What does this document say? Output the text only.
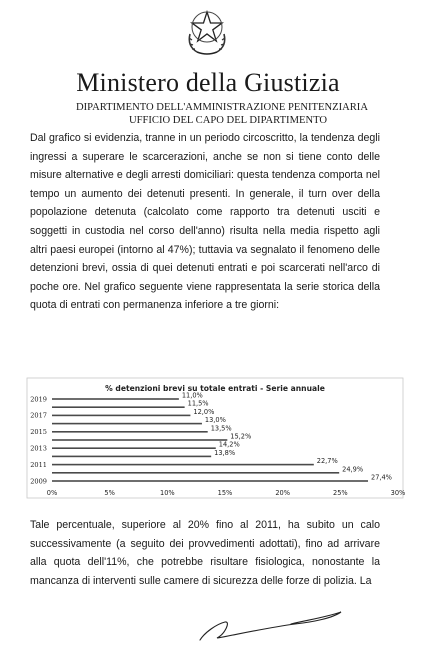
Ministero della Giustizia
DIPARTIMENTO DELL'AMMINISTRAZIONE PENITENZIARIA
UFFICIO DEL CAPO DEL DIPARTIMENTO

Dal grafico si evidenzia, tranne in un periodo circoscritto, la tendenza degli ingressi a superare le scarcerazioni, anche se non si tiene conto delle misure alternative e degli arresti domiciliari: questa tendenza comporta nel tempo un aumento dei detenuti presenti. In generale, il turn over della popolazione detenuta (calcolato come rapporto tra detenuti usciti e soggetti in custodia nel corso dell'anno) risulta nella media rispetto agli altri paesi europei (intorno al 47%); tuttavia va segnalato il fenomeno delle detenzioni brevi, ossia di quei detenuti entrati e poi scarcerati nell'arco di poche ore. Nel grafico seguente viene rappresentata la serie storica della quota di entrati con permanenza inferiore a tre giorni:

% detenzioni brevi su totale entrati - Serie annuale
27,4%
24,9%
22,7%
13,8%
14,2%
15,2%
13,5%
13,0%
12,0%
11,5%
11,0%
2019
2017
2015
2013
2011
2009
0%	5%	10%	15%	20%	25%	30%

Tale percentuale, superiore al 20% fino al 2011, ha subito un calo successivamente (a seguito dei provvedimenti adottati), fino ad arrivare alla quota dell'11%, che potrebbe risultare fisiologica, nonostante la mancanza di interventi sulle camere di sicurezza delle forze di polizia. La
